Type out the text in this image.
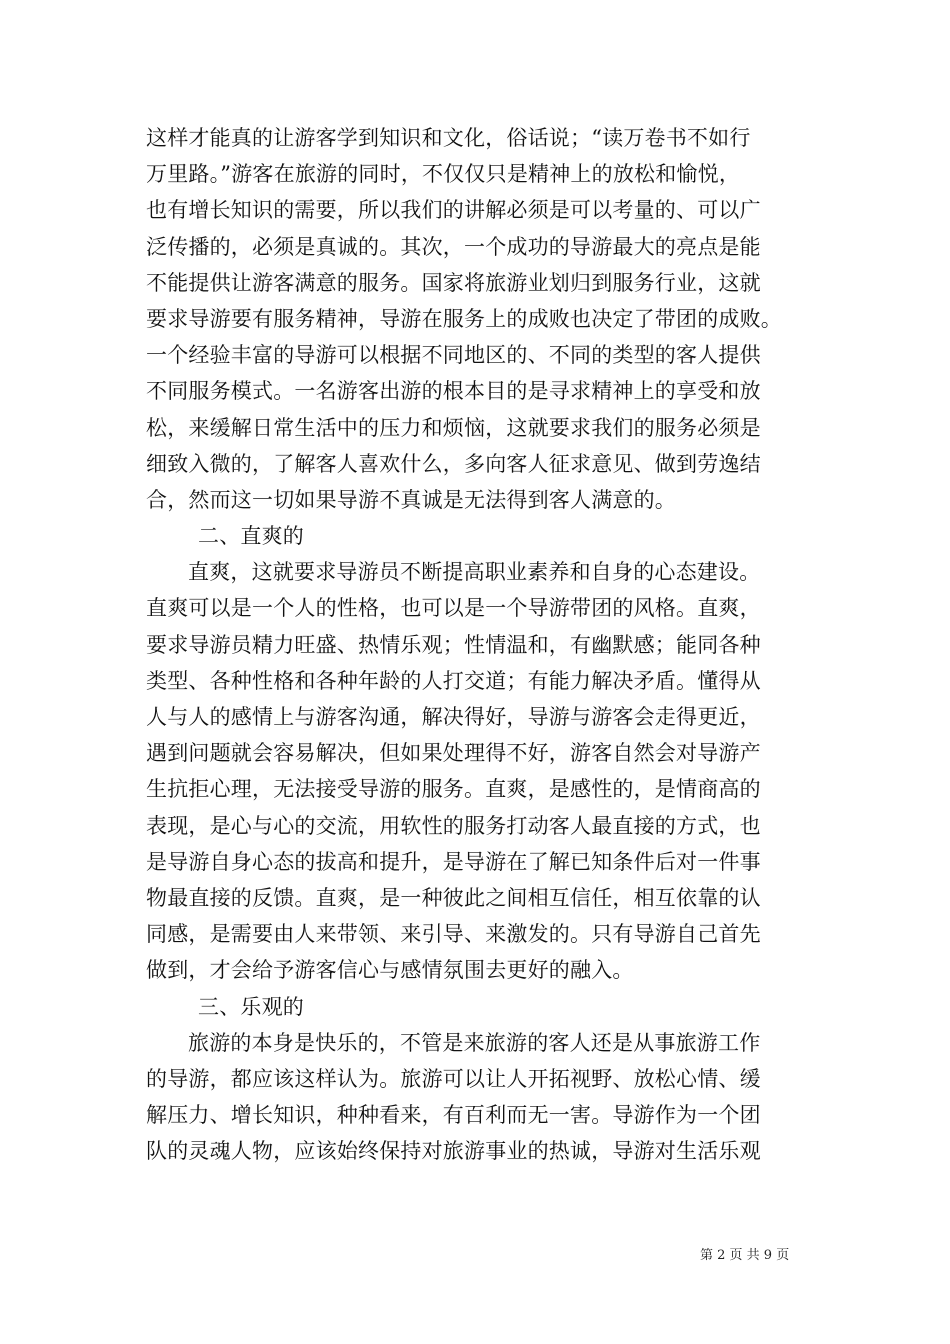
这样才能真的让游客学到知识和文化，俗话说；“读万卷书不如行
万里路。”游客在旅游的同时，不仅仅只是精神上的放松和愉悦，
也有增长知识的需要，所以我们的讲解必须是可以考量的、可以广
泛传播的，必须是真诚的。其次，一个成功的导游最大的亮点是能
不能提供让游客满意的服务。国家将旅游业划归到服务行业，这就
要求导游要有服务精神，导游在服务上的成败也决定了带团的成败。
一个经验丰富的导游可以根据不同地区的、不同的类型的客人提供
不同服务模式。一名游客出游的根本目的是寻求精神上的享受和放
松，来缓解日常生活中的压力和烦恼，这就要求我们的服务必须是
细致入微的，了解客人喜欢什么，多向客人征求意见、做到劳逸结
合，然而这一切如果导游不真诚是无法得到客人满意的。
二、直爽的
直爽，这就要求导游员不断提高职业素养和自身的心态建设。
直爽可以是一个人的性格，也可以是一个导游带团的风格。直爽，
要求导游员精力旺盛、热情乐观；性情温和，有幽默感；能同各种
类型、各种性格和各种年龄的人打交道；有能力解决矛盾。懂得从
人与人的感情上与游客沟通，解决得好，导游与游客会走得更近，
遇到问题就会容易解决，但如果处理得不好，游客自然会对导游产
生抗拒心理，无法接受导游的服务。直爽，是感性的，是情商高的
表现，是心与心的交流，用软性的服务打动客人最直接的方式，也
是导游自身心态的拔高和提升，是导游在了解已知条件后对一件事
物最直接的反馈。直爽，是一种彼此之间相互信任，相互依靠的认
同感，是需要由人来带领、来引导、来激发的。只有导游自己首先
做到，才会给予游客信心与感情氛围去更好的融入。
三、乐观的
旅游的本身是快乐的，不管是来旅游的客人还是从事旅游工作
的导游，都应该这样认为。旅游可以让人开拓视野、放松心情、缓
解压力、增长知识，种种看来，有百利而无一害。导游作为一个团
队的灵魂人物，应该始终保持对旅游事业的热诚，导游对生活乐观
第 2 页 共 9 页
